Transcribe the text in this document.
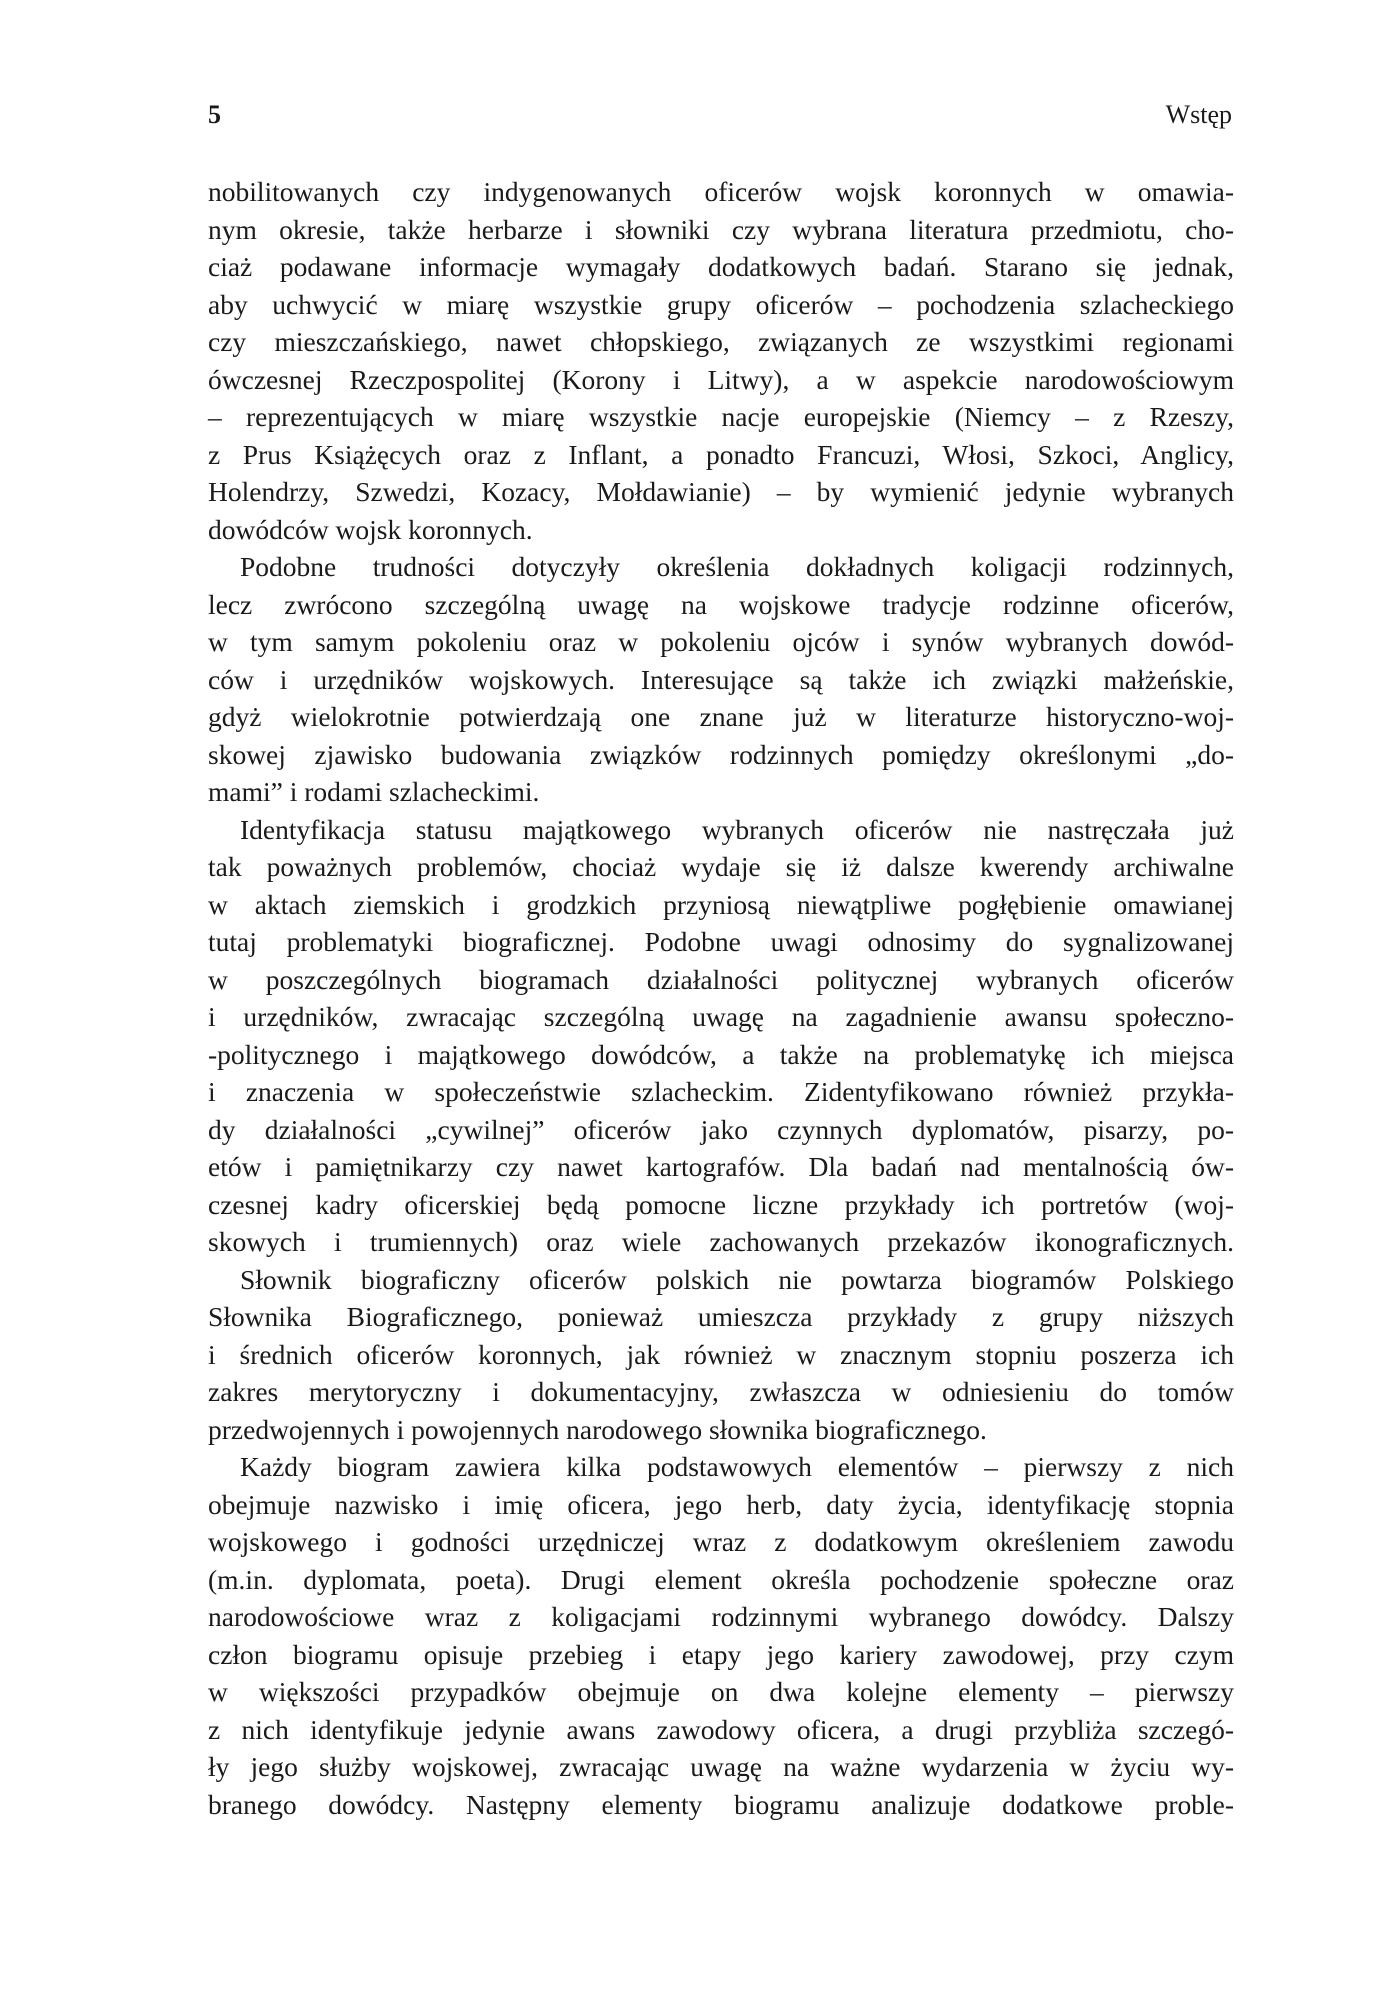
5	Wstęp
nobilitowanych czy indygenowanych oficerów wojsk koronnych w omawia-
nym okresie, także herbarze i słowniki czy wybrana literatura przedmiotu, cho-
ciaż podawane informacje wymagały dodatkowych badań. Starano się jednak,
aby uchwycić w miarę wszystkie grupy oficerów – pochodzenia szlacheckiego
czy mieszczańskiego, nawet chłopskiego, związanych ze wszystkimi regionami
ówczesnej Rzeczpospolitej (Korony i Litwy), a w aspekcie narodowościowym
– reprezentujących w miarę wszystkie nacje europejskie (Niemcy – z Rzeszy,
z Prus Książęcych oraz z Inflant, a ponadto Francuzi, Włosi, Szkoci, Anglicy,
Holendrzy, Szwedzi, Kozacy, Mołdawianie) – by wymienić jedynie wybranych
dowódców wojsk koronnych.
Podobne trudności dotyczyły określenia dokładnych koligacji rodzinnych,
lecz zwrócono szczególną uwagę na wojskowe tradycje rodzinne oficerów,
w tym samym pokoleniu oraz w pokoleniu ojców i synów wybranych dowód-
ców i urzędników wojskowych. Interesujące są także ich związki małżeńskie,
gdyż wielokrotnie potwierdzają one znane już w literaturze historyczno-woj-
skowej zjawisko budowania związków rodzinnych pomiędzy określonymi „do-
mami” i rodami szlacheckimi.
Identyfikacja statusu majątkowego wybranych oficerów nie nastręczała już
tak poważnych problemów, chociaż wydaje się iż dalsze kwerendy archiwalne
w aktach ziemskich i grodzkich przyniosą niewątpliwe pogłębienie omawianej
tutaj problematyki biograficznej. Podobne uwagi odnosimy do sygnalizowanej
w poszczególnych biogramach działalności politycznej wybranych oficerów
i urzędników, zwracając szczególną uwagę na zagadnienie awansu społeczno-
-politycznego i majątkowego dowódców, a także na problematykę ich miejsca
i znaczenia w społeczeństwie szlacheckim. Zidentyfikowano również przykła-
dy działalności „cywilnej” oficerów jako czynnych dyplomatów, pisarzy, po-
etów i pamiętnikarzy czy nawet kartografów. Dla badań nad mentalnością ów-
czesnej kadry oficerskiej będą pomocne liczne przykłady ich portretów (woj-
skowych i trumiennych) oraz wiele zachowanych przekazów ikonograficznych.
Słownik biograficzny oficerów polskich nie powtarza biogramów Polskiego
Słownika Biograficznego, ponieważ umieszcza przykłady z grupy niższych
i średnich oficerów koronnych, jak również w znacznym stopniu poszerza ich
zakres merytoryczny i dokumentacyjny, zwłaszcza w odniesieniu do tomów
przedwojennych i powojennych narodowego słownika biograficznego.
Każdy biogram zawiera kilka podstawowych elementów – pierwszy z nich
obejmuje nazwisko i imię oficera, jego herb, daty życia, identyfikację stopnia
wojskowego i godności urzędniczej wraz z dodatkowym określeniem zawodu
(m.in. dyplomata, poeta). Drugi element określa pochodzenie społeczne oraz
narodowościowe wraz z koligacjami rodzinnymi wybranego dowódcy. Dalszy
człon biogramu opisuje przebieg i etapy jego kariery zawodowej, przy czym
w większości przypadków obejmuje on dwa kolejne elementy – pierwszy
z nich identyfikuje jedynie awans zawodowy oficera, a drugi przybliża szczegó-
ły jego służby wojskowej, zwracając uwagę na ważne wydarzenia w życiu wy-
branego dowódcy. Następny elementy biogramu analizuje dodatkowe proble-
